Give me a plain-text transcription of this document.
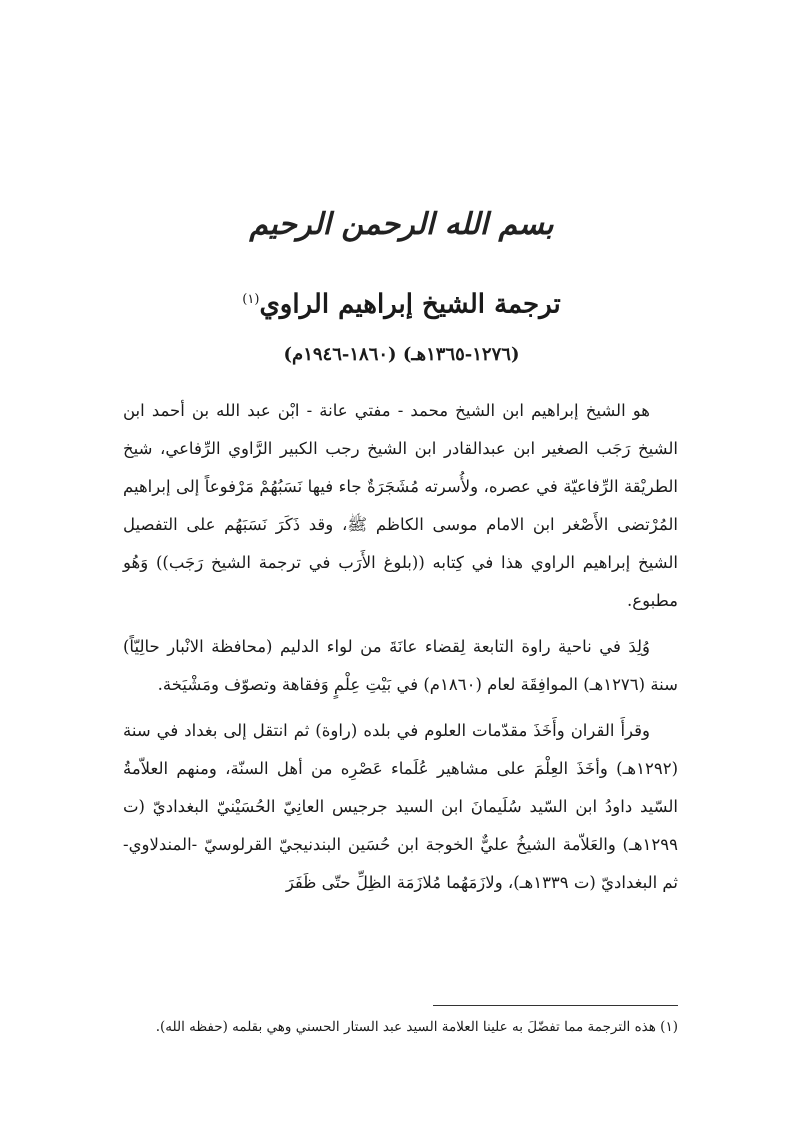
بسم الله الرحمن الرحيم
ترجمة الشيخ إبراهيم الراوي$^{(١)}$
(١٢٧٦-١٣٦٥هـ) (١٨٦٠-١٩٤٦م)

هو الشيخ إبراهيم ابن الشيخ محمد - مفتي عانة - ابْن عبد الله بن أحمد ابن الشيخ رَجَب الصغير ابن عبدالقادر ابن الشيخ رجب الكبير الرَّاوي الرِّفاعي، شيخ الطريْقة الرِّفاعيّة في عصره، ولأُسرته مُشَجَرَةٌ جاء فيها نَسَبُهُمْ مَرْفوعاً إلى إبراهيم المُرْتضى الأَصْغر ابن الامام موسى الكاظم ﷺ، وقد ذَكَرَ نَسَبَهُم على التفصيل الشيخ إبراهيم الراوي هذا في كِتابه ((بلوغ الأَرَب في ترجمة الشيخ رَجَب)) وَهُو مطبوع.

وُلِدَ في ناحية راوة التابعة لِقضاء عانَةَ من لواء الدليم (محافظة الانْبار حالِيّاً) سنة (١٢٧٦هـ) الموافِقَة لعام (١٨٦٠م) في بَيْتِ عِلْمٍ وَفقاهة وتصوّف ومَشْيَخة.

وقرأَ القران وأَخَذَ مقدّمات العلوم في بلده (راوة) ثم انتقل إلى بغداد في سنة (١٢٩٢هـ) وأخَذَ العِلْمَ على مشاهير عُلَماء عَصْرِه من أهل السنّة، ومنهم العلاّمةُ السّيد داودُ ابن السّيد سُلَيمانَ ابن السيد جرجيس العانِيّ الحُسَيْنيّ البغداديّ (ت ١٢٩٩هـ) والعَلاّمة الشيخُ عليٌّ الخوجة ابن حُسَين البندنيجيّ القرلوسيّ -المندلاوي- ثم البغداديّ (ت ١٣٣٩هـ)، ولازَمَهُما مُلازَمَة الظِلِّ حتّى ظَفَرَ

(١) هذه الترجمة مما تفضّلَ به علينا العلامة السيد عبد الستار الحسني وهي بقلمه (حفظه الله).
